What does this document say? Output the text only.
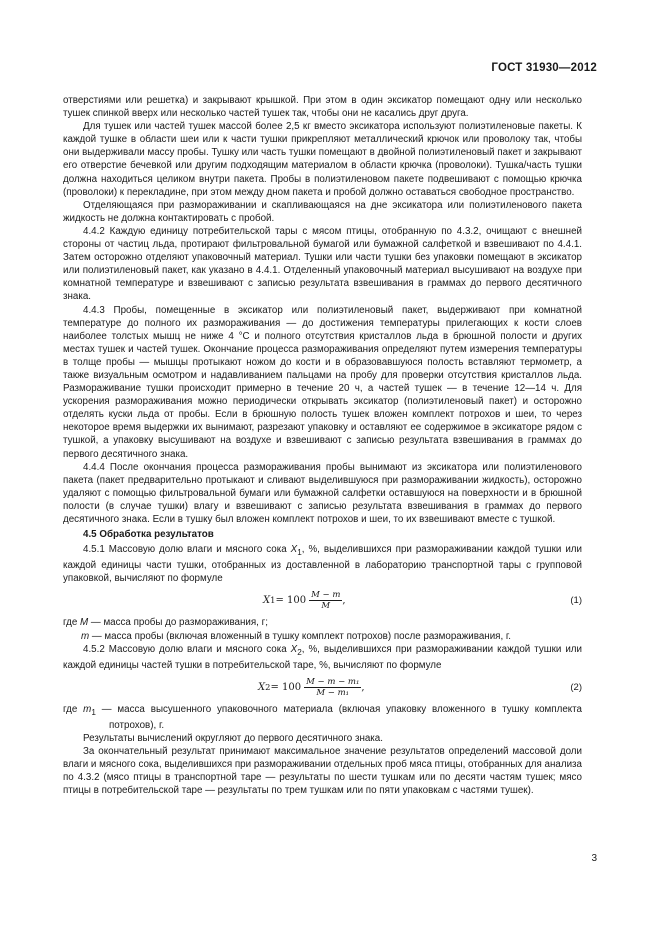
ГОСТ 31930—2012

отверстиями или решетка) и закрывают крышкой. При этом в один эксикатор помещают одну или несколько тушек спинкой вверх или несколько частей тушек так, чтобы они не касались друг друга.

Для тушек или частей тушек массой более 2,5 кг вместо эксикатора используют полиэтиленовые пакеты. К каждой тушке в области шеи или к части тушки прикрепляют металлический крючок или проволоку так, чтобы они выдерживали массу пробы. Тушку или часть тушки помещают в двойной полиэтиленовый пакет и закрывают его отверстие бечевкой или другим подходящим материалом в области крючка (проволоки). Тушка/часть тушки должна находиться целиком внутри пакета. Пробы в полиэтиленовом пакете подвешивают с помощью крючка (проволоки) к перекладине, при этом между дном пакета и пробой должно оставаться свободное пространство.

Отделяющаяся при размораживании и скапливающаяся на дне эксикатора или полиэтиленового пакета жидкость не должна контактировать с пробой.

4.4.2 Каждую единицу потребительской тары с мясом птицы, отобранную по 4.3.2, очищают с внешней стороны от частиц льда, протирают фильтровальной бумагой или бумажной салфеткой и взвешивают по 4.4.1. Затем осторожно отделяют упаковочный материал. Тушки или части тушки без упаковки помещают в эксикатор или полиэтиленовый пакет, как указано в 4.4.1. Отделенный упаковочный материал высушивают на воздухе при комнатной температуре и взвешивают с записью результата взвешивания в граммах до первого десятичного знака.

4.4.3 Пробы, помещенные в эксикатор или полиэтиленовый пакет, выдерживают при комнатной температуре до полного их размораживания — до достижения температуры прилегающих к кости слоев наиболее толстых мышц не ниже 4 °С и полного отсутствия кристаллов льда в брюшной полости и других местах тушек и частей тушек. Окончание процесса размораживания определяют путем измерения температуры в толще пробы — мышцы протыкают ножом до кости и в образовавшуюся полость вставляют термометр, а также визуальным осмотром и надавливанием пальцами на пробу для проверки отсутствия кристаллов льда. Размораживание тушки происходит примерно в течение 20 ч, а частей тушек — в течение 12—14 ч. Для ускорения размораживания можно периодически открывать эксикатор (полиэтиленовый пакет) и осторожно отделять куски льда от пробы. Если в брюшную полость тушек вложен комплект потрохов и шеи, то через некоторое время выдержки их вынимают, разрезают упаковку и оставляют ее содержимое в эксикаторе рядом с тушкой, а упаковку высушивают на воздухе и взвешивают с записью результата взвешивания в граммах до первого десятичного знака.

4.4.4 После окончания процесса размораживания пробы вынимают из эксикатора или полиэтиленового пакета (пакет предварительно протыкают и сливают выделившуюся при размораживании жидкость), осторожно удаляют с помощью фильтровальной бумаги или бумажной салфетки оставшуюся на поверхности и в брюшной полости (в случае тушки) влагу и взвешивают с записью результата взвешивания в граммах до первого десятичного знака. Если в тушку был вложен комплект потрохов и шеи, то их взвешивают вместе с тушкой.

4.5 Обработка результатов

4.5.1 Массовую долю влаги и мясного сока $X_1$, %, выделившихся при размораживании каждой тушки или каждой единицы части тушки, отобранных из доставленной в лабораторию транспортной тары с групповой упаковкой, вычисляют по формуле

X $1 = 100 \frac{M - m}{M}$ ,	(1)

где M — масса пробы до размораживания, г;

m — масса пробы (включая вложенный в тушку комплект потрохов) после размораживания, г.

4.5.2 Массовую долю влаги и мясного сока $X_2$, %, выделившихся при размораживании каждой тушки или каждой единицы частей тушки в потребительской таре, %, вычисляют по формуле

X $2 = 100 \frac{\text{M − m − m₁}}{\text{M − m₁}}$ ,	(2)

где $m_1$ — масса высушенного упаковочного материала (включая упаковку вложенного в тушку комплекта потрохов), г.

Результаты вычислений округляют до первого десятичного знака.

За окончательный результат принимают максимальное значение результатов определений массовой доли влаги и мясного сока, выделившихся при размораживании отдельных проб мяса птицы, отобранных для анализа по 4.3.2 (мясо птицы в транспортной таре — результаты по шести тушкам или по десяти частям тушек; мясо птицы в потребительской таре — результаты по трем тушкам или по пяти упаковкам с частями тушек).

3
